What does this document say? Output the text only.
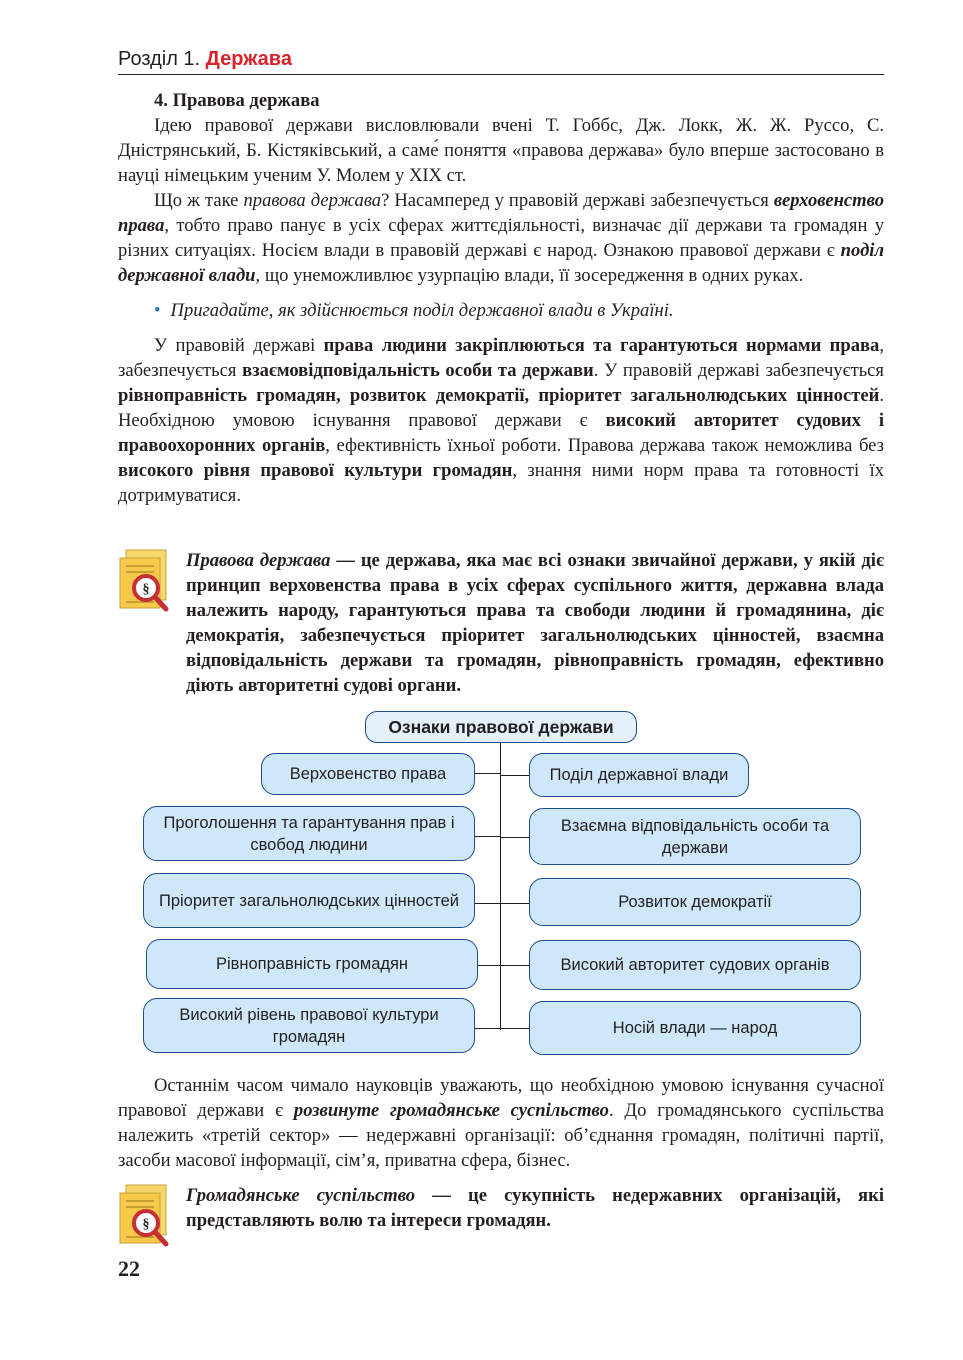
Розділ 1. Держава
4. Правова держава

Ідею правової держави висловлювали вчені Т. Гоббс, Дж. Локк, Ж. Ж. Руссо, С. Дністрянський, Б. Кістяківський, а саме́ поняття «правова держава» було вперше застосовано в науці німецьким ученим У. Молем у XIX ст.

Що ж таке правова держава? Насамперед у правовій державі забезпечується верховенство права, тобто право панує в усіх сферах життєдіяльності, визначає дії держави та громадян у різних ситуаціях. Носієм влади в правовій державі є народ. Ознакою правової держави є поділ державної влади, що унеможливлює узурпацію влади, її зосередження в одних руках.

• Пригадайте, як здійснюється поділ державної влади в Україні.

У правовій державі права людини закріплюються та гарантуються нормами права, забезпечується взаємовідповідальність особи та держави. У правовій державі забезпечується рівноправність громадян, розвиток демократії, пріоритет загальнолюдських цінностей. Необхідною умовою існування правової держави є високий авторитет судових і правоохоронних органів, ефективність їхньої роботи. Правова держава також неможлива без високого рівня правової культури громадян, знання ними норм права та готовності їх дотримуватися.

§
Правова держава — це держава, яка має всі ознаки звичайної держави, у якій діє принцип верховенства права в усіх сферах суспільного життя, державна влада належить народу, гарантуються права та свободи людини й громадянина, діє демократія, забезпечується пріоритет загальнолюдських цінностей, взаємна відповідальність держави та громадян, рівноправність громадян, ефективно діють авторитетні судові органи.
Ознаки правової держави
Верховенство права
Проголошення та гарантування прав і свобод людини
Пріоритет загальнолюдських цінностей
Рівноправність громадян
Високий рівень правової культури громадян
Поділ державної влади
Взаємна відповідальність особи та держави
Розвиток демократії
Високий авторитет судових органів
Носій влади — народ

Останнім часом чимало науковців уважають, що необхідною умовою існування сучасної правової держави є розвинуте громадянське суспільство. До громадянського суспільства належить «третій сектор» — недержавні організації: об’єднання громадян, політичні партії, засоби масової інформації, сім’я, приватна сфера, бізнес.

§
Громадянське суспільство — це сукупність недержавних організацій, які представляють волю та інтереси громадян.
22
